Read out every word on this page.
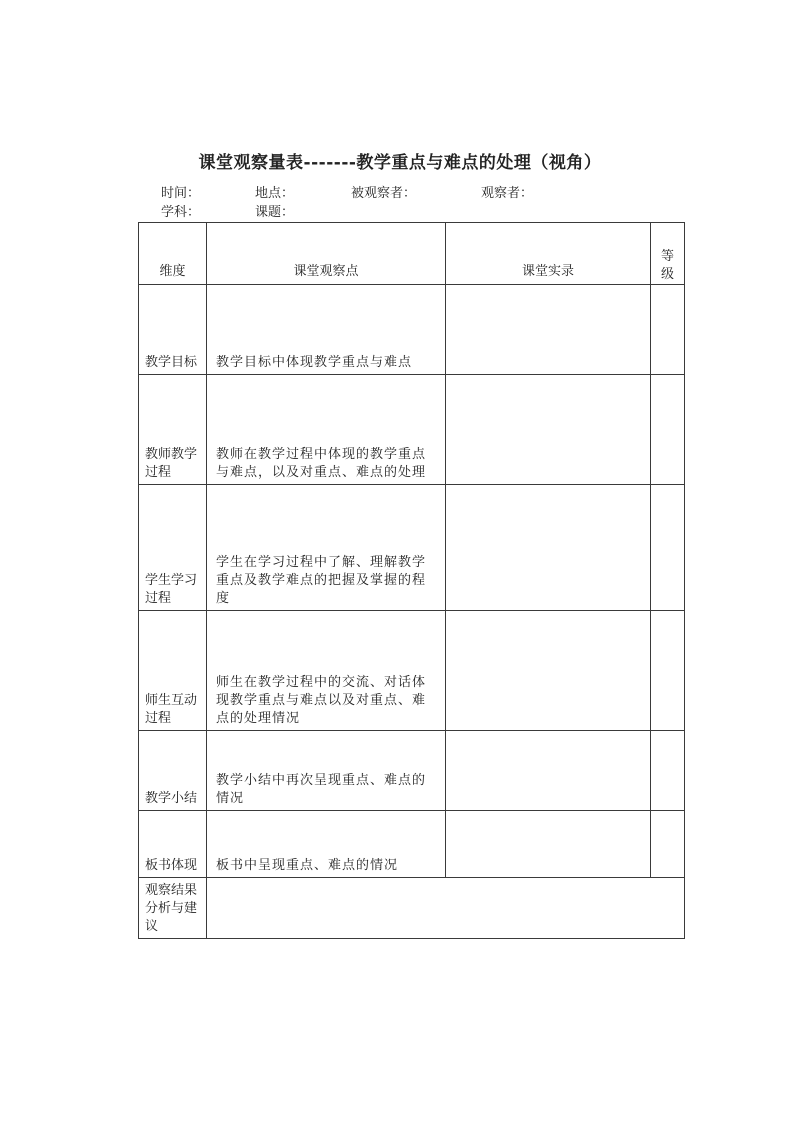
课堂观察量表-------教学重点与难点的处理（视角）
时间：	地点：	被观察者：	观察者：
学科：	课题：
维度	课堂观察点	课堂实录	等
级

教学目标	教学目标中体现教学重点与难点		
教师教学过程	教师在教学过程中体现的教学重点与难点，以及对重点、难点的处理		
学生学习过程	学生在学习过程中了解、理解教学重点及教学难点的把握及掌握的程度		
师生互动过程	师生在教学过程中的交流、对话体现教学重点与难点以及对重点、难点的处理情况		
教学小结	教学小结中再次呈现重点、难点的情况		
板书体现	板书中呈现重点、难点的情况		
观察结果分析与建议			
